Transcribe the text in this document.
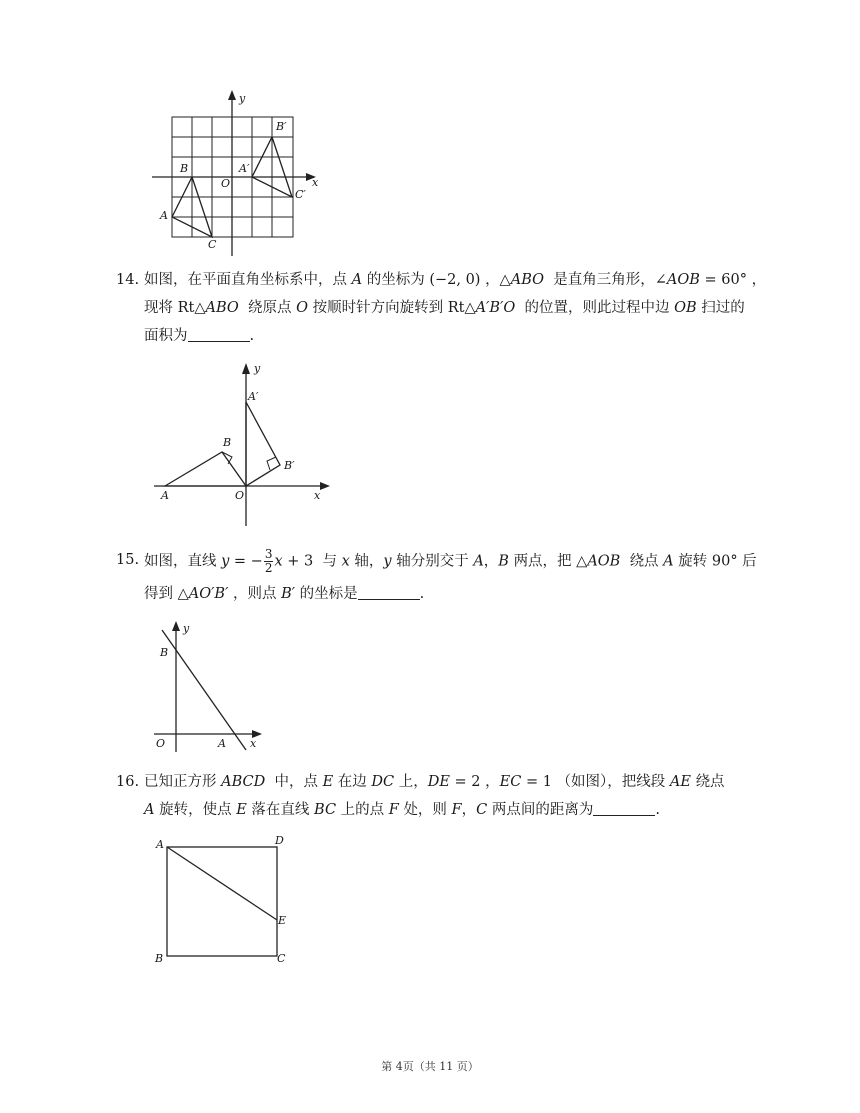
y
x
O
A
B
C
A′
B′
C′
14. 如图，在平面直角坐标系中，点 A 的坐标为 (−2, 0) ，△ABO 是直角三角形，∠AOB = 60° ，
现将 Rt△ABO 绕原点 O 按顺时针方向旋转到 Rt△A′B′O 的位置，则此过程中边 OB 扫过的
面积为	.
y
x
A
B
O
A′
B′
15. 如图，直线 y = − $\frac{3}{2}$ x + 3 与 x 轴，y 轴分别交于 A，B 两点，把 △AOB 绕点 A 旋转 90° 后
得到 △AO′B′ ，则点 B′ 的坐标是	.
y
x
O	A
B
16. 已知正方形 ABCD 中，点 E 在边 DC 上，DE = 2 ，EC = 1 （如图），把线段 AE 绕点
A 旋转，使点 E 落在直线 BC 上的点 F 处，则 F，C 两点间的距离为	.
A	D
E
B	C
第 4页（共 11 页）
